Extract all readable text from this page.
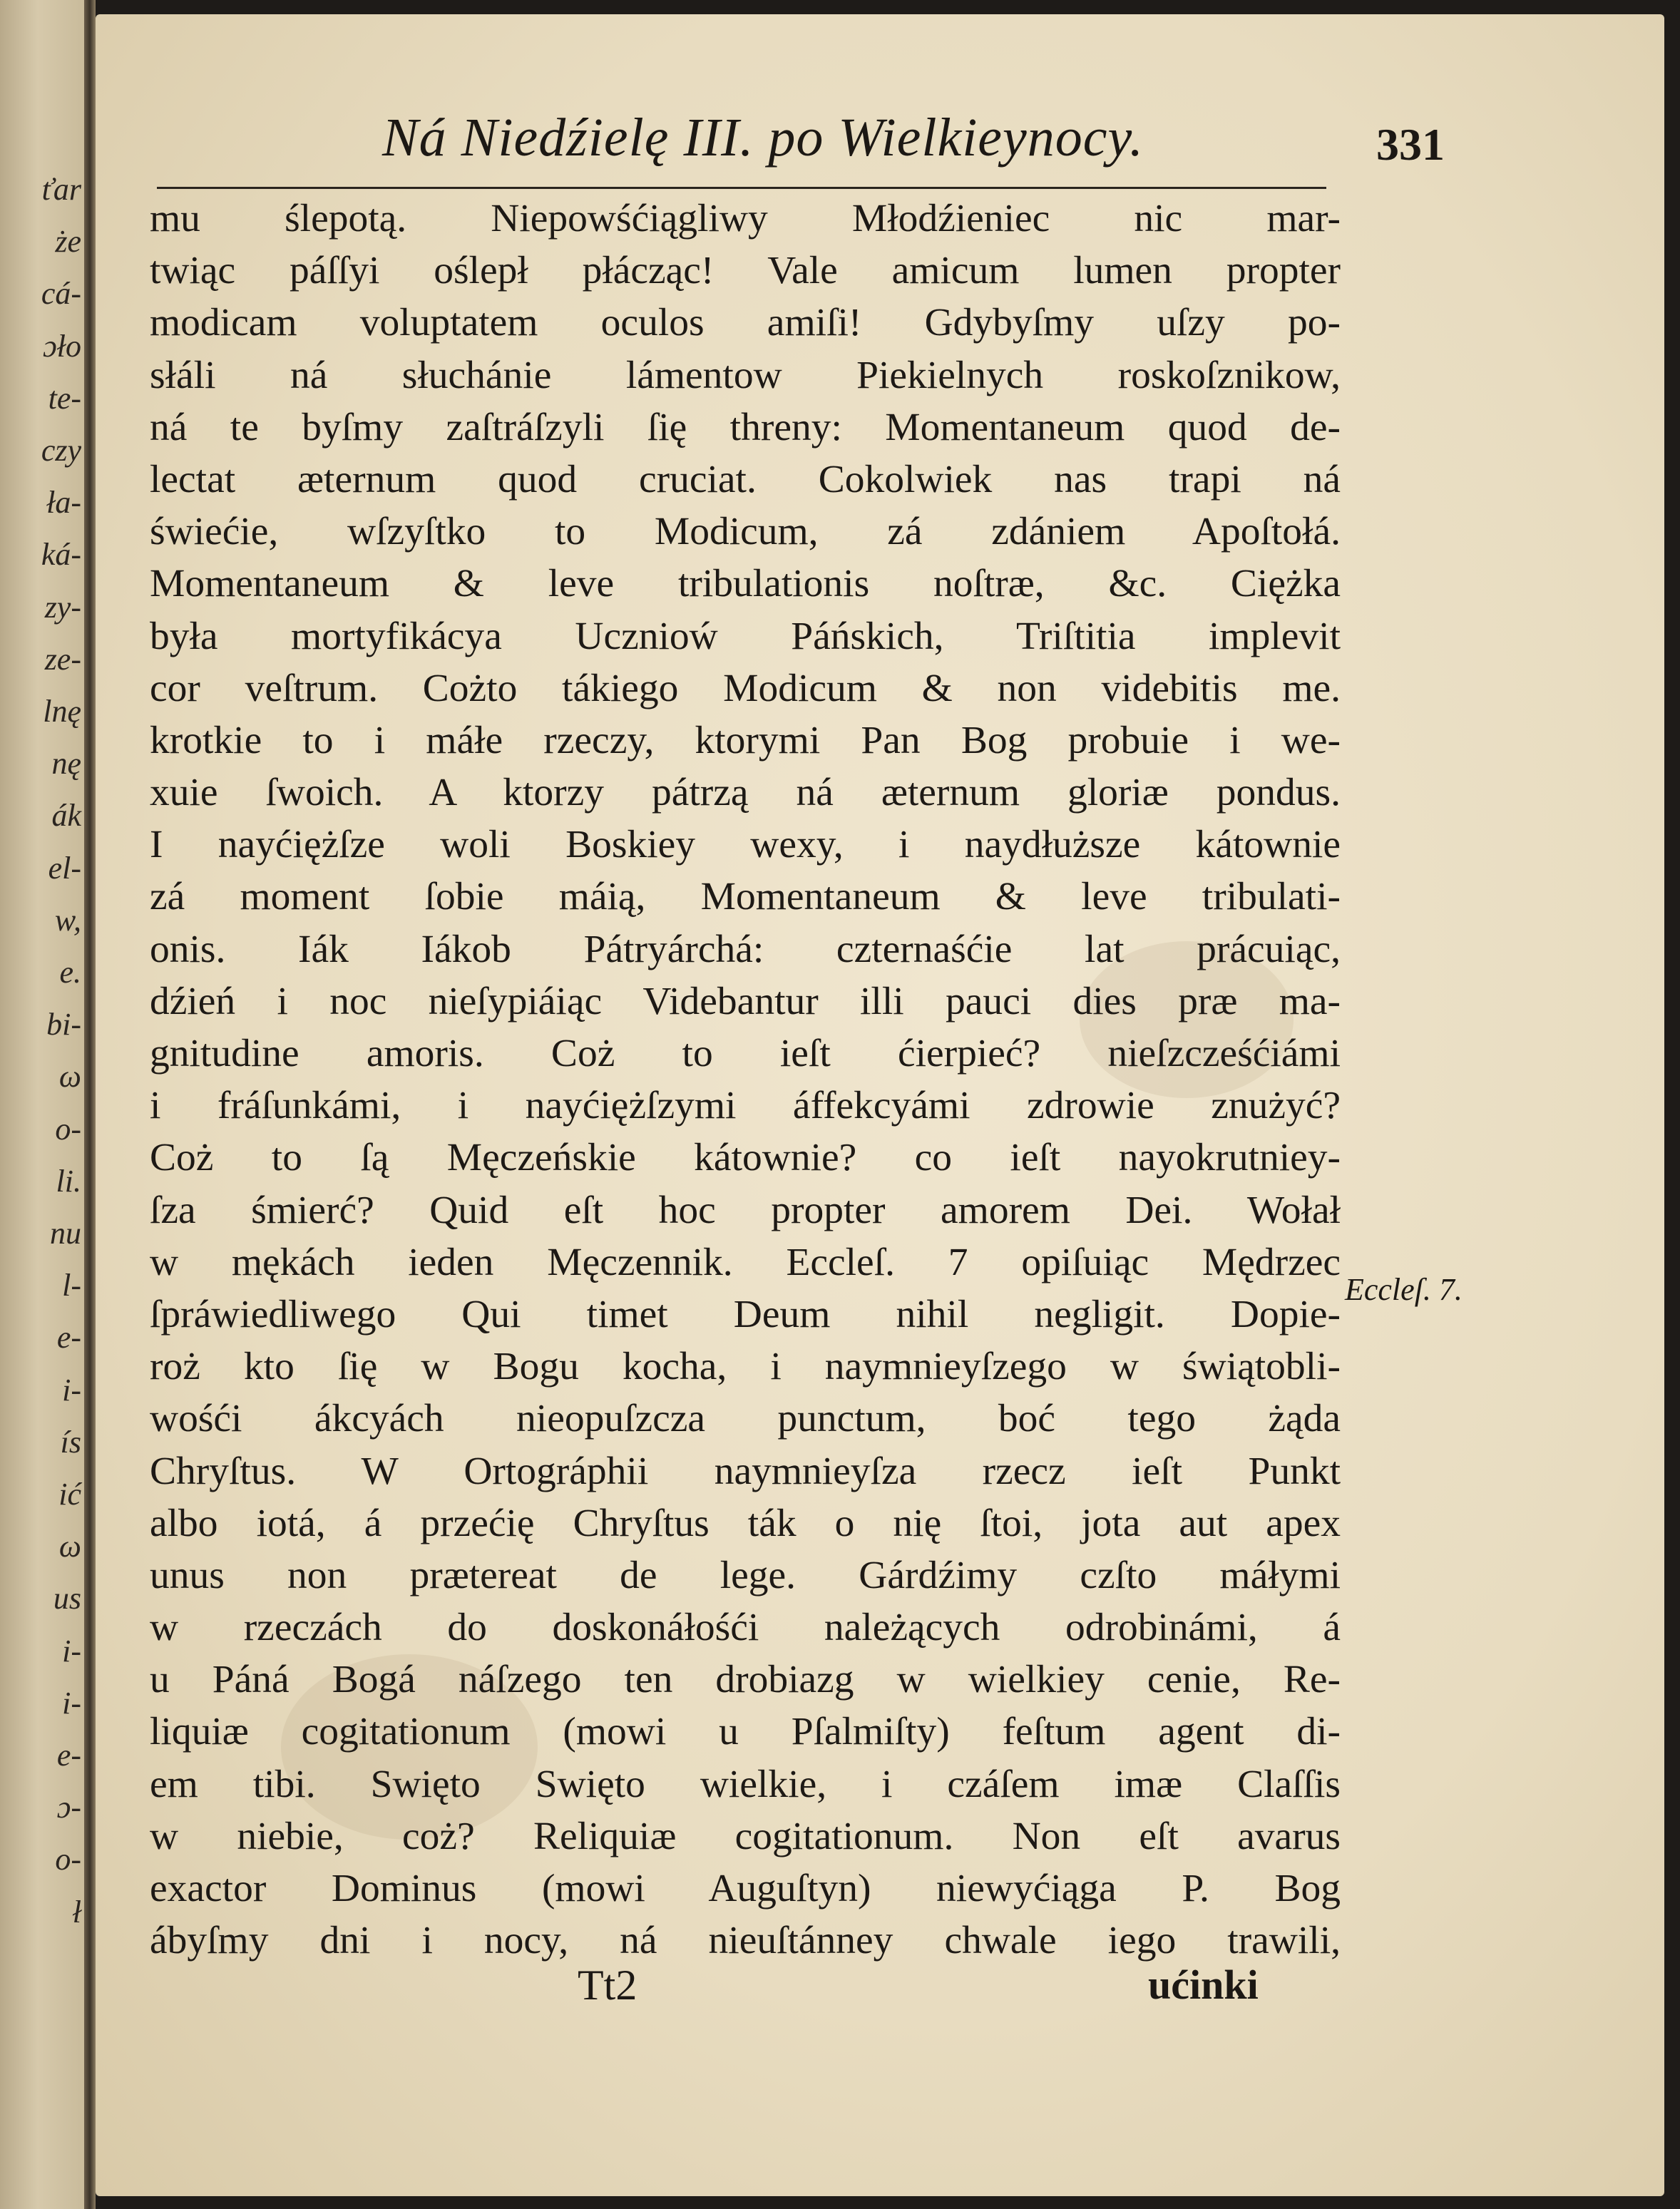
ťar
że
cá-
ɔło
te-
czy
ła-
ká-
zy-
ze-
lnę
nę
ák
el-
w,
e.
bi-
ω
o-
li.
nu
l-
e-
i-
ís
ić
ω
us
i-
i-
e-
ɔ-
o-
ł
Ná Niedźielę III. po Wielkieynocy.	331
mu ślepotą. Niepowśćiągliwy Młodźieniec nic mar-
twiąc páſſyi oślepł płácząc! Vale amicum lumen propter
modicam voluptatem oculos amiſi! Gdybyſmy uſzy po-
słáli ná słuchánie lámentow Piekielnych roskoſznikow,
ná te byſmy zaſtráſzyli ſię threny: Momentaneum quod de-
lectat æternum quod cruciat. Cokolwiek nas trapi ná
świećie, wſzyſtko to Modicum, zá zdániem Apoſtołá.
Momentaneum & leve tribulationis noſtræ, &c. Ciężka
była mortyfikácya Ucznioẃ Páńskich, Triſtitia implevit
cor veſtrum. Cożto tákiego Modicum & non videbitis me.
krotkie to i máłe rzeczy, ktorymi Pan Bog probuie i we-
xuie ſwoich. A ktorzy pátrzą ná æternum gloriæ pondus.
I nayćiężſze woli Boskiey wexy, i naydłuższe kátownie
zá moment ſobie máią, Momentaneum & leve tribulati-
onis. Iák Iákob Pátryárchá: czternaśćie lat prácuiąc,
dźień i noc nieſypiáiąc Videbantur illi pauci dies præ ma-
gnitudine amoris. Coż to ieſt ćierpieć? nieſzcześćiámi
i fráſunkámi, i nayćiężſzymi áffekcyámi zdrowie znużyć?
Coż to ſą Męczeńskie kátownie? co ieſt nayokrutniey-
ſza śmierć? Quid eſt hoc propter amorem Dei. Wołał
w mękách ieden Męczennik. Eccleſ. 7 opiſuiąc Mędrzec
ſpráwiedliwego Qui timet Deum nihil negligit. Dopie-
roż kto ſię w Bogu kocha, i naymnieyſzego w świątobli-
wośći ákcyách nieopuſzcza punctum, boć tego żąda
Chryſtus. W Ortográphii naymnieyſza rzecz ieſt Punkt
albo iotá, á przećię Chryſtus ták o nię ſtoi, jota aut apex
unus non prætereat de lege. Gárdźimy czſto máłymi
w rzeczách do doskonáłośći należących odrobinámi, á
u Páná Bogá náſzego ten drobiazg w wielkiey cenie, Re-
liquiæ cogitationum (mowi u Pſalmiſty) feſtum agent di-
em tibi. Swięto Swięto wielkie, i czáſem imæ Claſſis
w niebie, coż? Reliquiæ cogitationum. Non eſt avarus
exactor Dominus (mowi Auguſtyn) niewyćiąga P. Bog
ábyſmy dni i nocy, ná nieuſtánney chwale iego trawili,
Eccleſ. 7.
Tt2	ućinki
